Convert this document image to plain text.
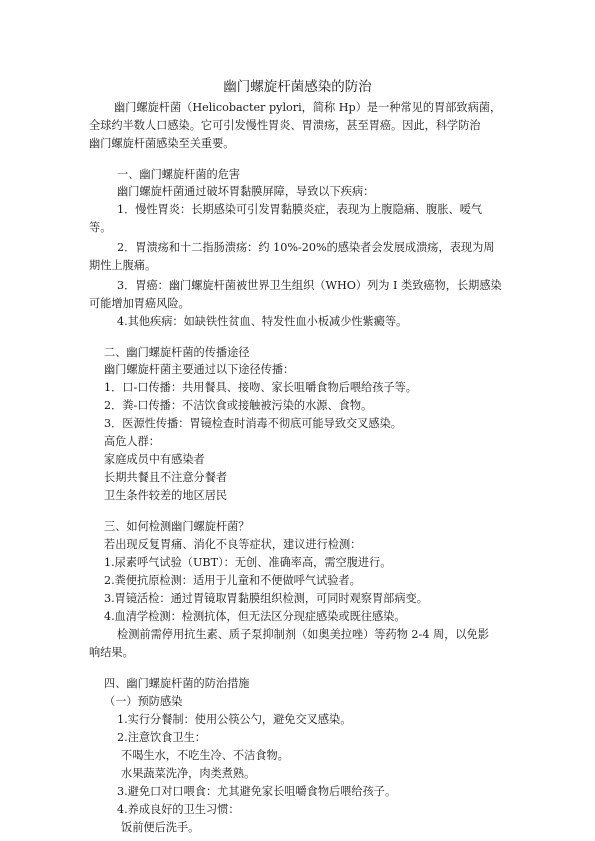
幽门螺旋杆菌感染的防治
幽门螺旋杆菌（Helicobacter pylori，简称 Hp）是一种常见的胃部致病菌，
全球约半数人口感染。它可引发慢性胃炎、胃溃疡，甚至胃癌。因此，科学防治
幽门螺旋杆菌感染至关重要。
一、幽门螺旋杆菌的危害
幽门螺旋杆菌通过破坏胃黏膜屏障，导致以下疾病：
1．慢性胃炎：长期感染可引发胃黏膜炎症，表现为上腹隐痛、腹胀、嗳气
等。
2．胃溃疡和十二指肠溃疡：约 10%-20%的感染者会发展成溃疡，表现为周
期性上腹痛。
3．胃癌：幽门螺旋杆菌被世界卫生组织（WHO）列为 I 类致癌物，长期感染
可能增加胃癌风险。
4.其他疾病：如缺铁性贫血、特发性血小板减少性紫癜等。
二、幽门螺旋杆菌的传播途径
幽门螺旋杆菌主要通过以下途径传播：
1．口-口传播：共用餐具、接吻、家长咀嚼食物后喂给孩子等。
2．粪-口传播：不洁饮食或接触被污染的水源、食物。
3．医源性传播：胃镜检查时消毒不彻底可能导致交叉感染。
高危人群：
家庭成员中有感染者
长期共餐且不注意分餐者
卫生条件较差的地区居民
三、如何检测幽门螺旋杆菌？
若出现反复胃痛、消化不良等症状，建议进行检测：
1.尿素呼气试验（UBT）：无创、准确率高，需空腹进行。
2.粪便抗原检测：适用于儿童和不便做呼气试验者。
3.胃镜活检：通过胃镜取胃黏膜组织检测，可同时观察胃部病变。
4.血清学检测：检测抗体，但无法区分现症感染或既往感染。
检测前需停用抗生素、质子泵抑制剂（如奥美拉唑）等药物 2-4 周，以免影
响结果。
四、幽门螺旋杆菌的防治措施
（一）预防感染
1.实行分餐制：使用公筷公勺，避免交叉感染。
2.注意饮食卫生：
不喝生水，不吃生冷、不洁食物。
水果蔬菜洗净，肉类煮熟。
3.避免口对口喂食：尤其避免家长咀嚼食物后喂给孩子。
4.养成良好的卫生习惯：
饭前便后洗手。
